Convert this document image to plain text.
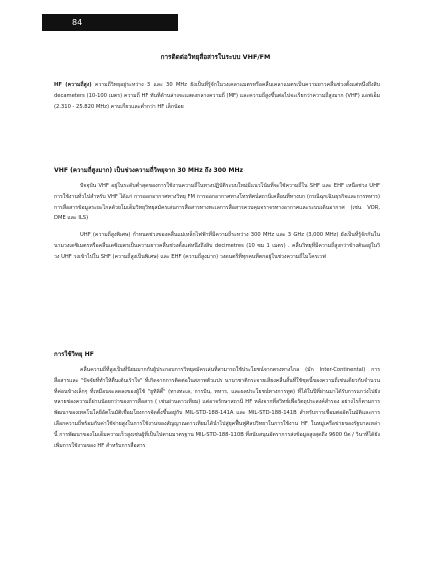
84
การติดต่อวิทยุสื่อสารในระบบ VHF/FM

HF (ความถี่สูง) ความถี่วิทยุอยู่ระหว่าง 3 และ 30 MHz ยังเป็นที่รู้จักในวงเคลาแมตรหรือคลื่นเคลาแมตรเป็นความยาวคลื่นช่วงตั้งแต่หนึ่งถึงสิบ decameters (10-100 เมตร) ความถี่ HF ทันทีด้านล่างจะแสดงกลางความถี่ (MF) และความถี่สูงขึ้นต่อไปจะเรียกว่าความถี่สูงมาก (VHF) แอฟเอ็ม (2.310 - 25.820 MHz) คาบเกี่ยวและต่ำกว่า HF เล็กน้อย

VHF (ความถี่สูงมาก) เป็นช่วงความถี่วิทยุจาก 30 MHz ถึง 300 MHz

ปัจจุบัน VHF อยู่ในระดับต่ำสุดของการใช้งานความถี่ในทางปฏิบัติระบบใหม่มีแนวโน้มที่จะใช้ความถี่ใน SHF และ EHF เหนือช่วง UHF การใช้งานทั่วไปสำหรับ VHF ได้แก่ การออกอากาศทางวิทยุ FM การออกอากาศทางโทรทัศน์สถานีเคลื่อนที่ทางบก (กรณีฉุกเฉินธุรกิจและการทหาร) การสื่อสารข้อมูลระยะไกลด้วยโมเด็มวิทยุวิทยุสมัครเล่นการสื่อสารทางทะเลการสื่อสารควบคุมจราจรทางอากาศและระบบเดินอากาศ (เช่น VOR, DME และ ILS)

UHF (ความถี่สูงพิเศษ) กำหนดช่วงของคลื่นแม่เหล็กไฟฟ้าที่มีความถี่ระหว่าง 300 MHz และ 3 GHz (3,000 MHz) ยังเป็นที่รู้จักกันในนามวงเดซิเมตรหรือคลื่นเดซิเมตรเป็นความยาวคลื่นช่วงตั้งแต่หนึ่งถึงสิบ decimetres (10 ซม 1 เมตร) . คลื่นวิทยุที่มีความถี่สูงกว่าข้างต้นอยู่ในวิวง UHF วงเข้าไปใน SHF (ความถี่สูงเป็นพิเศษ) และ EHF (ความถี่สูงมาก) วงดนตรีที่ทุกคนที่ตกอยู่ในช่วงความถี่ไมโครเวฟ

การใช้วิทยุ HF

คลื่นความถี่ที่สูงเป็นที่นิยมมากกับผู้ประกอบการวิทยุสมัครเล่นที่สามารถใช้ประโยชน์จากตรงทางไกล (มัก Inter-Continental) การสื่อสารและ "ปัจจัยที่ทำให้ตื่นเต้นเร้าใจ" ที่เกิดจากการติดต่อในสภาพตัวแปร นานาชาติกระจายเสียงคลื่นสั้นที่ใช้ชุดนี้ของความถี่เช่นเดียวกับจำนวนที่ค่อนข้างเล็กๆ ที่เหมือนจะลดลงของผู้ใช้ "ยูทิลิตี้" (ทางทะเล, การบิน, ทหาร, และผลประโยชน์ทางการทูต) ที่ได้ในปีที่ผ่านมาได้รับการแกว่งไปยังหลายช่องความถี่ผ่านน้อยกว่าของการสื่อสาร ( เช่นผ่านดาวเทียม) แต่อาจรักษาสถานี HF หลังจากที่สวิทช์เพื่อวัตถุประสงค์สำรอง อย่างไรก็ตามการพัฒนาของเทคโนโลยีอัตโนมัติเชื่อมโยงการจัดตั้งขึ้นอยู่กับ MIL-STD-188-141A และ MIL-STD-188-141B สำหรับการเชื่อมต่ออัตโนมัติและการเลือกความถี่พร้อมกับค่าใช้จ่ายสูงในการใช้งานของสัญญาณดาวเทียมได้นำไปสู่ยุคฟื้นฟูศิลปวิทยาในการใช้งาน HF ในหมู่เครือข่ายของรัฐบาลเหล่านี้ การพัฒนาของโมเด็มความเร็วสูงเช่นผู้ที่เป็นไปตามมาตรฐาน MIL-STD-188-110B ที่สนับสนุนอัตราการส่งข้อมูลสูงสุดถึง 9600 บิต / วินาทีได้ยังเพิ่มการใช้งานของ HF สำหรับการสื่อสาร
